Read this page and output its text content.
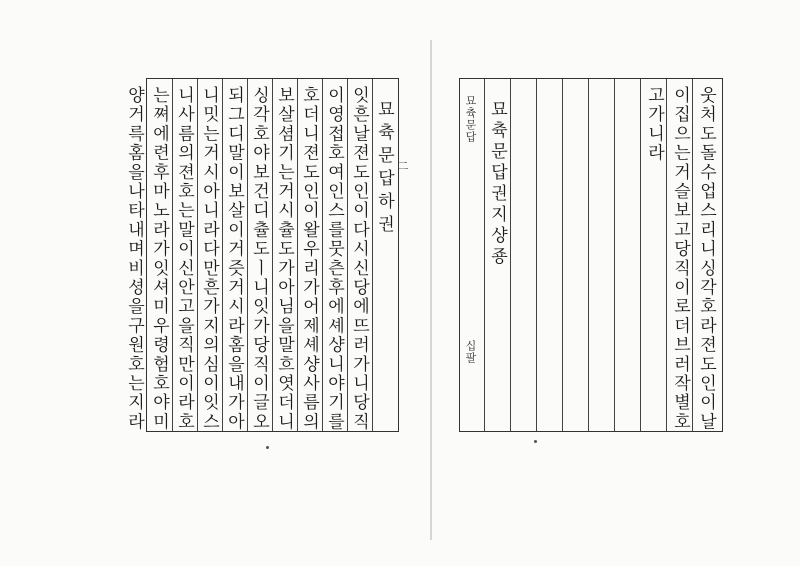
묘츅문답하권 二
잇흔날젼도인이다시신당에뜨러가니당직
이영접호여인스를뭇츤후에셰샹니야기를
호더니젼도인이왈우리가어제셰샹사름의
보살셤기는거시츌도가아님을말흐엿더니
싱각호야보건디츌도ㅣ니잇가당직이글오
되그디말이보살이거즛거시라홈을내가아
니밋는거시아니라다만흔가지의심이잇스
니사름의젼호는말이신안고을직만이라호
는쪄에련후마노라가잇셔미우령험호야미
양거륵홈을나타내며비셩을구원호는지라	웃처도돌수업스리니싱각호라젼도인이날
이집으는거슬보고당직이로더브러작별호
고가니라
묘츅문답권지샹죵
묘츅문답
십팔
